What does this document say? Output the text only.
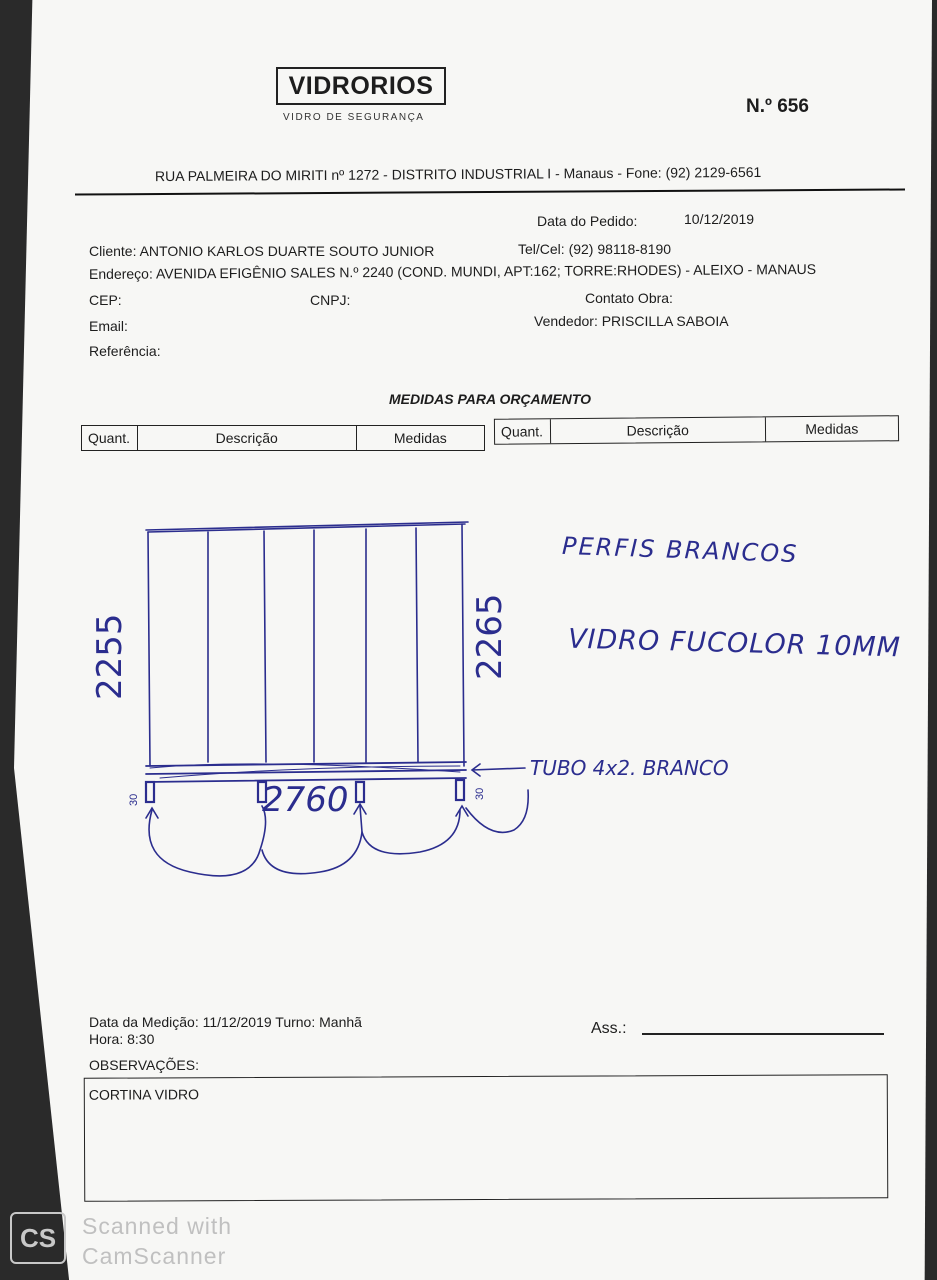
VIDRORIOS
VIDRO DE SEGURANÇA
N.º 656
RUA PALMEIRA DO MIRITI nº 1272 - DISTRITO INDUSTRIAL I - Manaus - Fone: (92) 2129-6561
Data do Pedido:	10/12/2019
Cliente: ANTONIO KARLOS DUARTE SOUTO JUNIOR	Tel/Cel: (92) 98118-8190
Endereço: AVENIDA EFIGÊNIO SALES N.º 2240 (COND. MUNDI, APT:162; TORRE:RHODES) - ALEIXO - MANAUS
CEP:	CNPJ:	Contato Obra:
Email:	Vendedor: PRISCILLA SABOIA
Referência:
MEDIDAS PARA ORÇAMENTO
Quant.	Descrição	Medidas	Quant.	Descrição	Medidas
2255	2265
2760
30	30
PERFIS BRANCOS
VIDRO FUCOLOR 10MM
TUBO 4x2. BRANCO
Data da Medição: 11/12/2019 Turno: Manhã
Hora: 8:30
Ass.:
OBSERVAÇÕES:
CORTINA VIDRO
CS	Scanned with
CamScanner
